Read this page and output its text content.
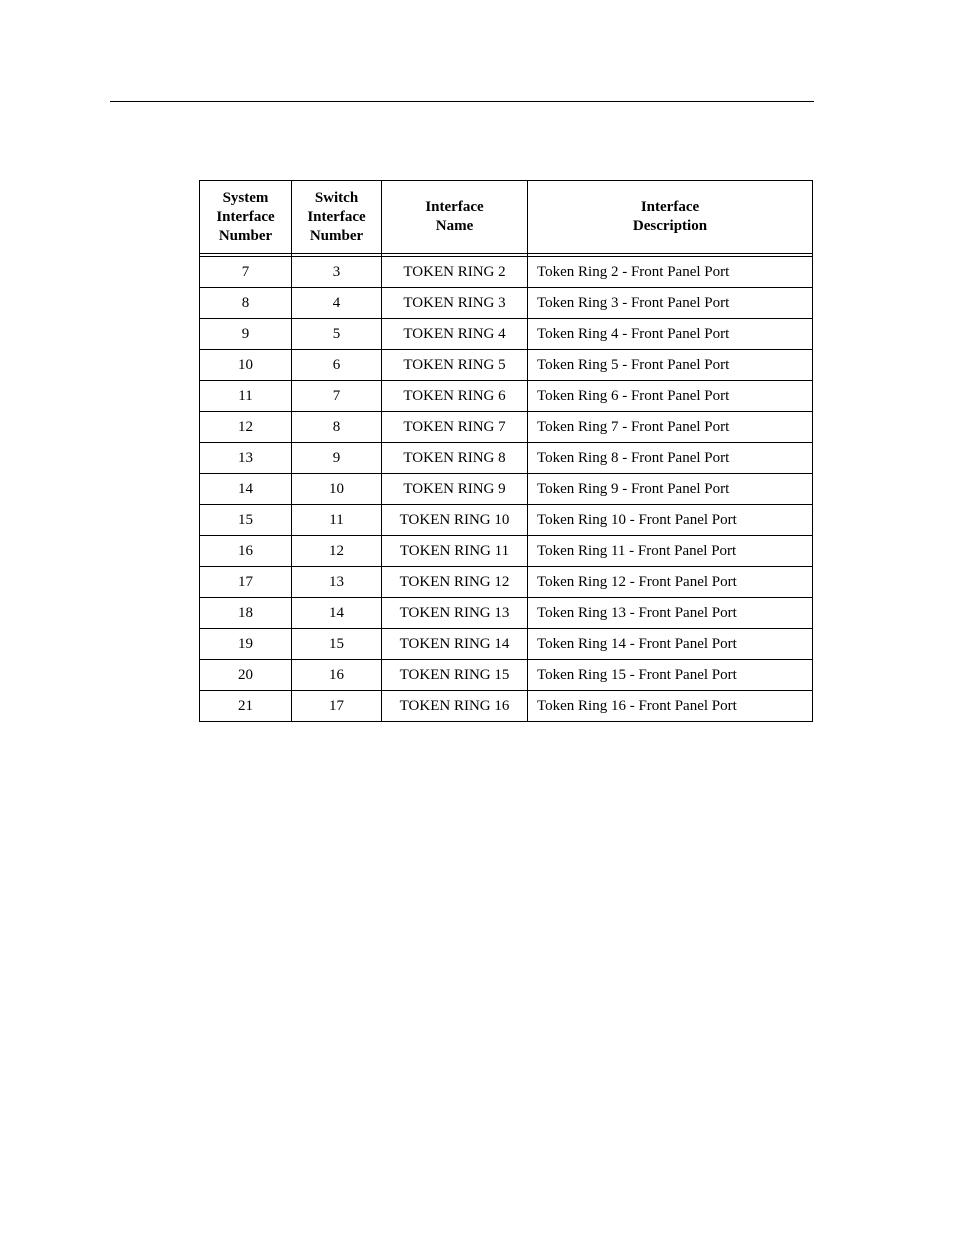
System
Interface
Number	Switch
Interface
Number	Interface
Name	Interface
Description

7	3	TOKEN RING 2	Token Ring 2 - Front Panel Port
8	4	TOKEN RING 3	Token Ring 3 - Front Panel Port
9	5	TOKEN RING 4	Token Ring 4 - Front Panel Port
10	6	TOKEN RING 5	Token Ring 5 - Front Panel Port
11	7	TOKEN RING 6	Token Ring 6 - Front Panel Port
12	8	TOKEN RING 7	Token Ring 7 - Front Panel Port
13	9	TOKEN RING 8	Token Ring 8 - Front Panel Port
14	10	TOKEN RING 9	Token Ring 9 - Front Panel Port
15	11	TOKEN RING 10	Token Ring 10 - Front Panel Port
16	12	TOKEN RING 11	Token Ring 11 - Front Panel Port
17	13	TOKEN RING 12	Token Ring 12 - Front Panel Port
18	14	TOKEN RING 13	Token Ring 13 - Front Panel Port
19	15	TOKEN RING 14	Token Ring 14 - Front Panel Port
20	16	TOKEN RING 15	Token Ring 15 - Front Panel Port
21	17	TOKEN RING 16	Token Ring 16 - Front Panel Port
